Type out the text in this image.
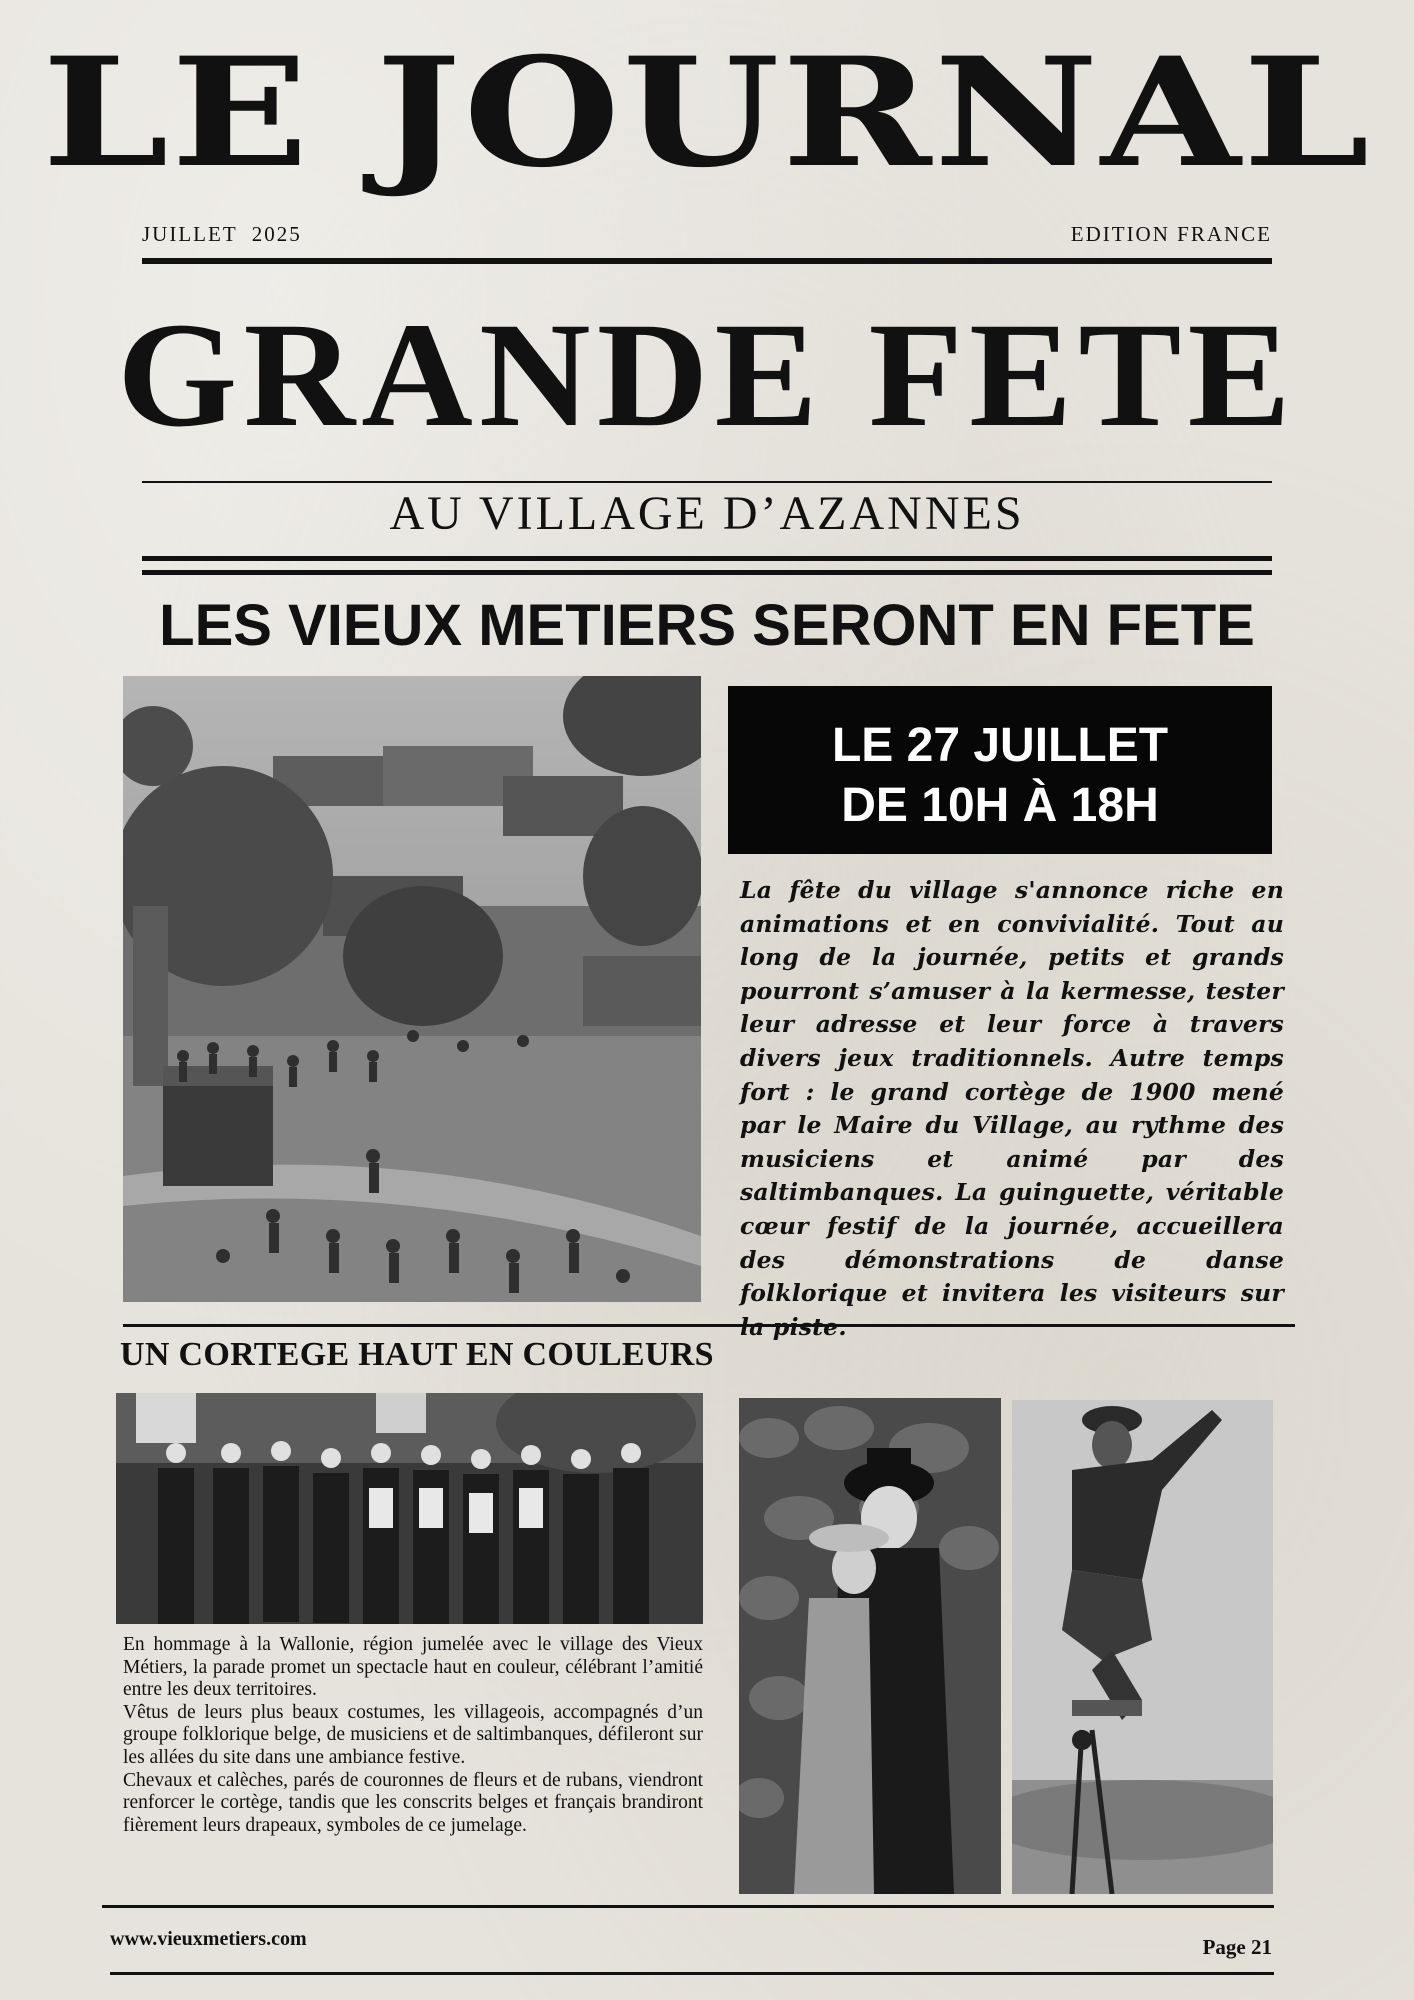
LE JOURNAL
JUILLET  2025	EDITION FRANCE
GRANDE FETE
AU VILLAGE D’AZANNES
LES VIEUX METIERS SERONT EN FETE
LE 27 JUILLET
DE 10H À 18H
La fête du village s'annonce riche en animations et en convivialité. Tout au long de la journée, petits et grands pourront s’amuser à la kermesse, tester leur adresse et leur force à travers divers jeux traditionnels. Autre temps fort : le grand cortège de 1900 mené par le Maire du Village, au rythme des musiciens et animé par des saltimbanques. La guinguette, véritable cœur festif de la journée, accueillera des démonstrations de danse folklorique et invitera les visiteurs sur
UN CORTEGE HAUT EN COULEURS

En hommage à la Wallonie, région jumelée avec le village des Vieux Métiers, la parade promet un spectacle haut en couleur, célébrant l’amitié entre les deux territoires.

Vêtus de leurs plus beaux costumes, les villageois, accompagnés d’un groupe folklorique belge, de musiciens et de saltimbanques, défileront sur les allées du site dans une ambiance festive.

Chevaux et calèches, parés de couronnes de fleurs et de rubans, viendront renforcer le cortège, tandis que les conscrits belges et français brandiront fièrement leurs drapeaux, symboles de ce jumelage.

www.vieuxmetiers.com	Page 21
